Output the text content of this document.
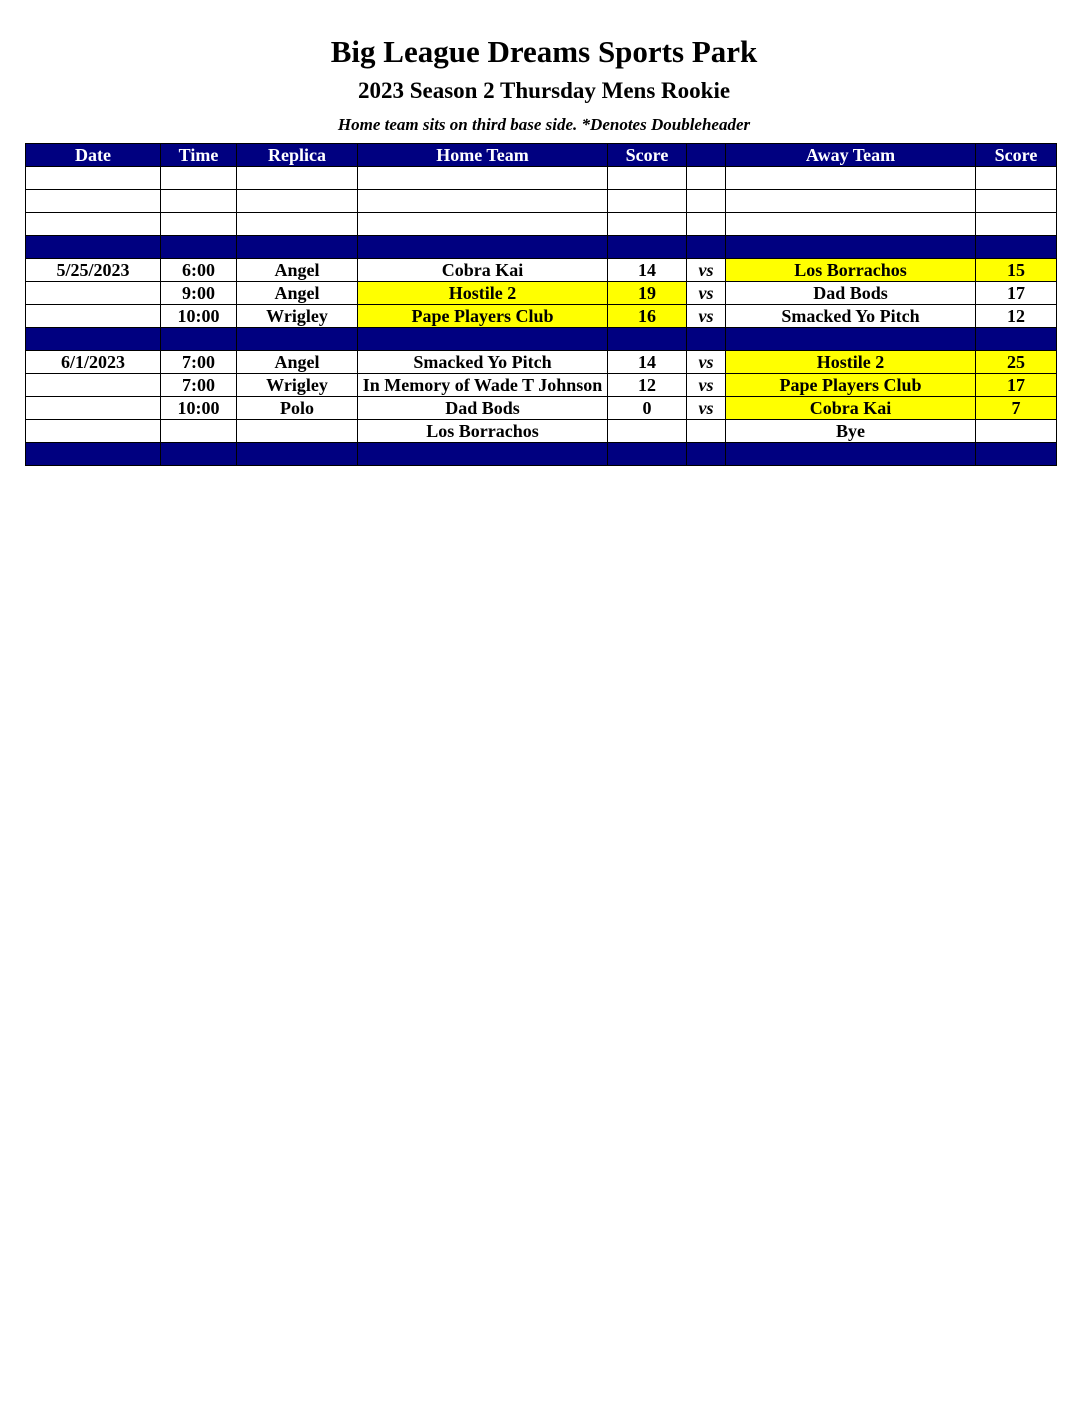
Big League Dreams Sports Park
2023 Season 2 Thursday Mens Rookie
Home team sits on third base side. *Denotes Doubleheader
Date	Time	Replica	Home Team	Score		Away Team	Score

5/25/2023	6:00	Angel	Cobra Kai	14	vs	Los Borrachos	15
	9:00	Angel	Hostile 2	19	vs	Dad Bods	17
	10:00	Wrigley	Pape Players Club	16	vs	Smacked Yo Pitch	12

6/1/2023	7:00	Angel	Smacked Yo Pitch	14	vs	Hostile 2	25
	7:00	Wrigley	In Memory of Wade T Johnson	12	vs	Pape Players Club	17
	10:00	Polo	Dad Bods	0	vs	Cobra Kai	7
			Los Borrachos			Bye	
